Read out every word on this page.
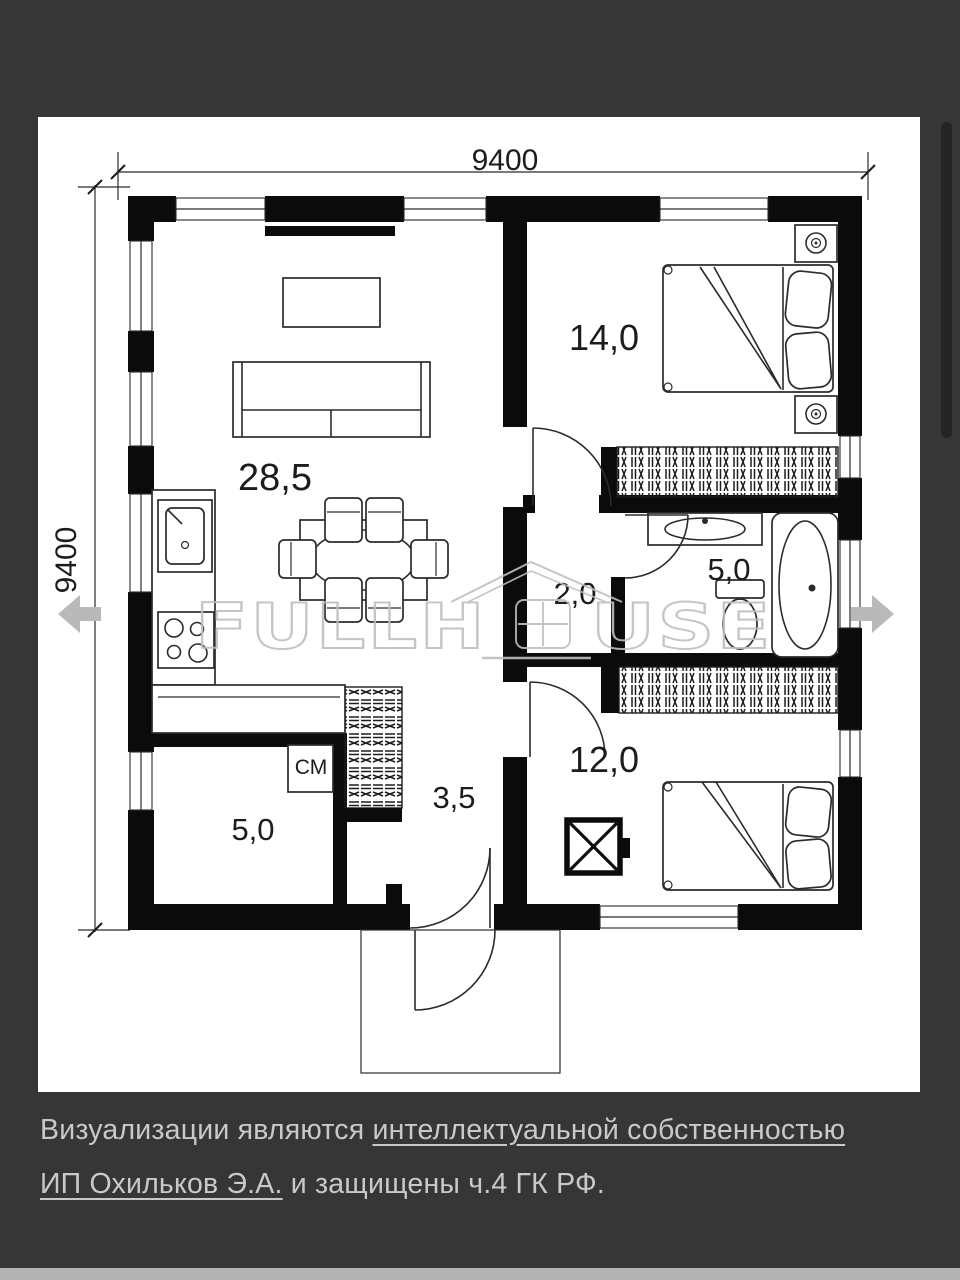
9400
9400
СМ
28,5
14,0
2,0
5,0
12,0
5,0
3,5
FULLH USE
Визуализации являются интеллектуальной собственностью
ИП Охильков Э.А. и защищены ч.4 ГК РФ.
